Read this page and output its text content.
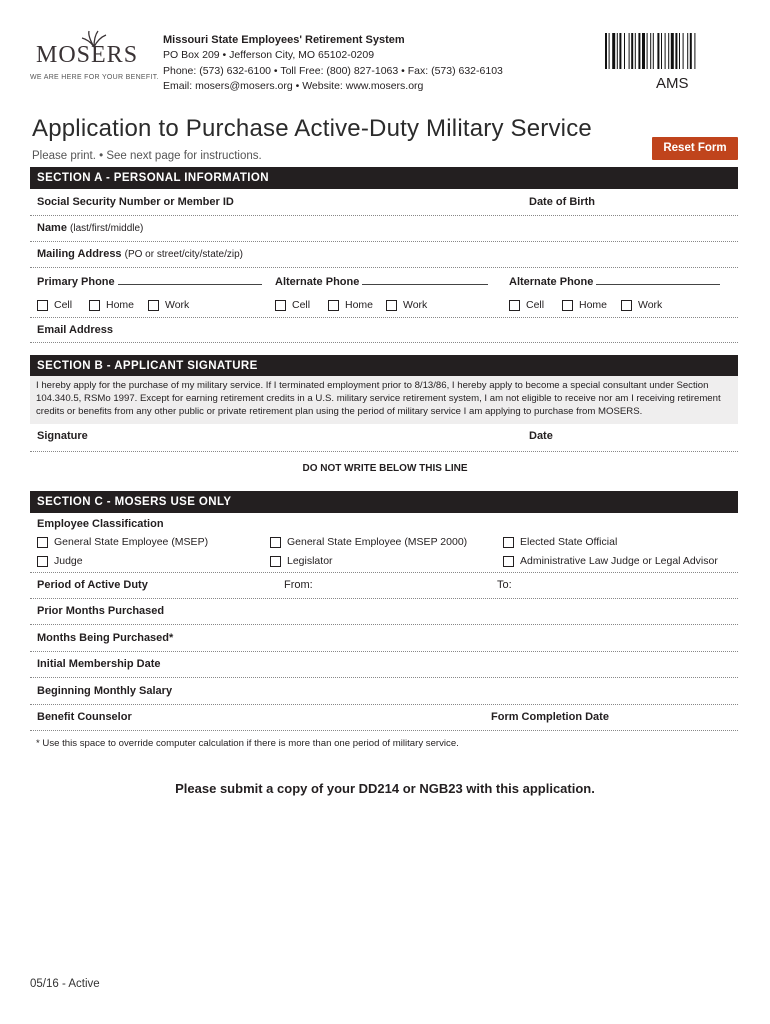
MOSERS
WE ARE HERE FOR YOUR BENEFIT.
Missouri State Employees' Retirement System
PO Box 209 • Jefferson City, MO 65102-0209
Phone: (573) 632-6100 • Toll Free: (800) 827-1063 • Fax: (573) 632-6103
Email: mosers@mosers.org • Website: www.mosers.org	AMS
Application to Purchase Active-Duty Military Service
Please print. • See next page for instructions.
Reset Form
SECTION A - PERSONAL INFORMATION
Social Security Number or Member ID	Date of Birth
Name (last/first/middle)
Mailing Address (PO or street/city/state/zip)
Primary Phone	Alternate Phone	Alternate Phone
Cell	Home	Work	Cell	Home	Work	Cell	Home	Work
Email Address
SECTION B - APPLICANT SIGNATURE
I hereby apply for the purchase of my military service. If I terminated employment prior to 8/13/86, I hereby apply to become a special consultant under Section 104.340.5, RSMo 1997. Except for earning retirement credits in a U.S. military service retirement system, I am not eligible to receive nor am I receiving retirement credits or benefits from any other public or private retirement plan using the period of military service I am applying to purchase from MOSERS.
Signature	Date
DO NOT WRITE BELOW THIS LINE
SECTION C - MOSERS USE ONLY
Employee Classification
General State Employee (MSEP)	General State Employee (MSEP 2000)	Elected State Official
Judge	Legislator	Administrative Law Judge or Legal Advisor
Period of Active Duty	From:	To:
Prior Months Purchased
Months Being Purchased*
Initial Membership Date
Beginning Monthly Salary
Benefit Counselor	Form Completion Date
* Use this space to override computer calculation if there is more than one period of military service.
Please submit a copy of your DD214 or NGB23 with this application.
05/16 - Active
